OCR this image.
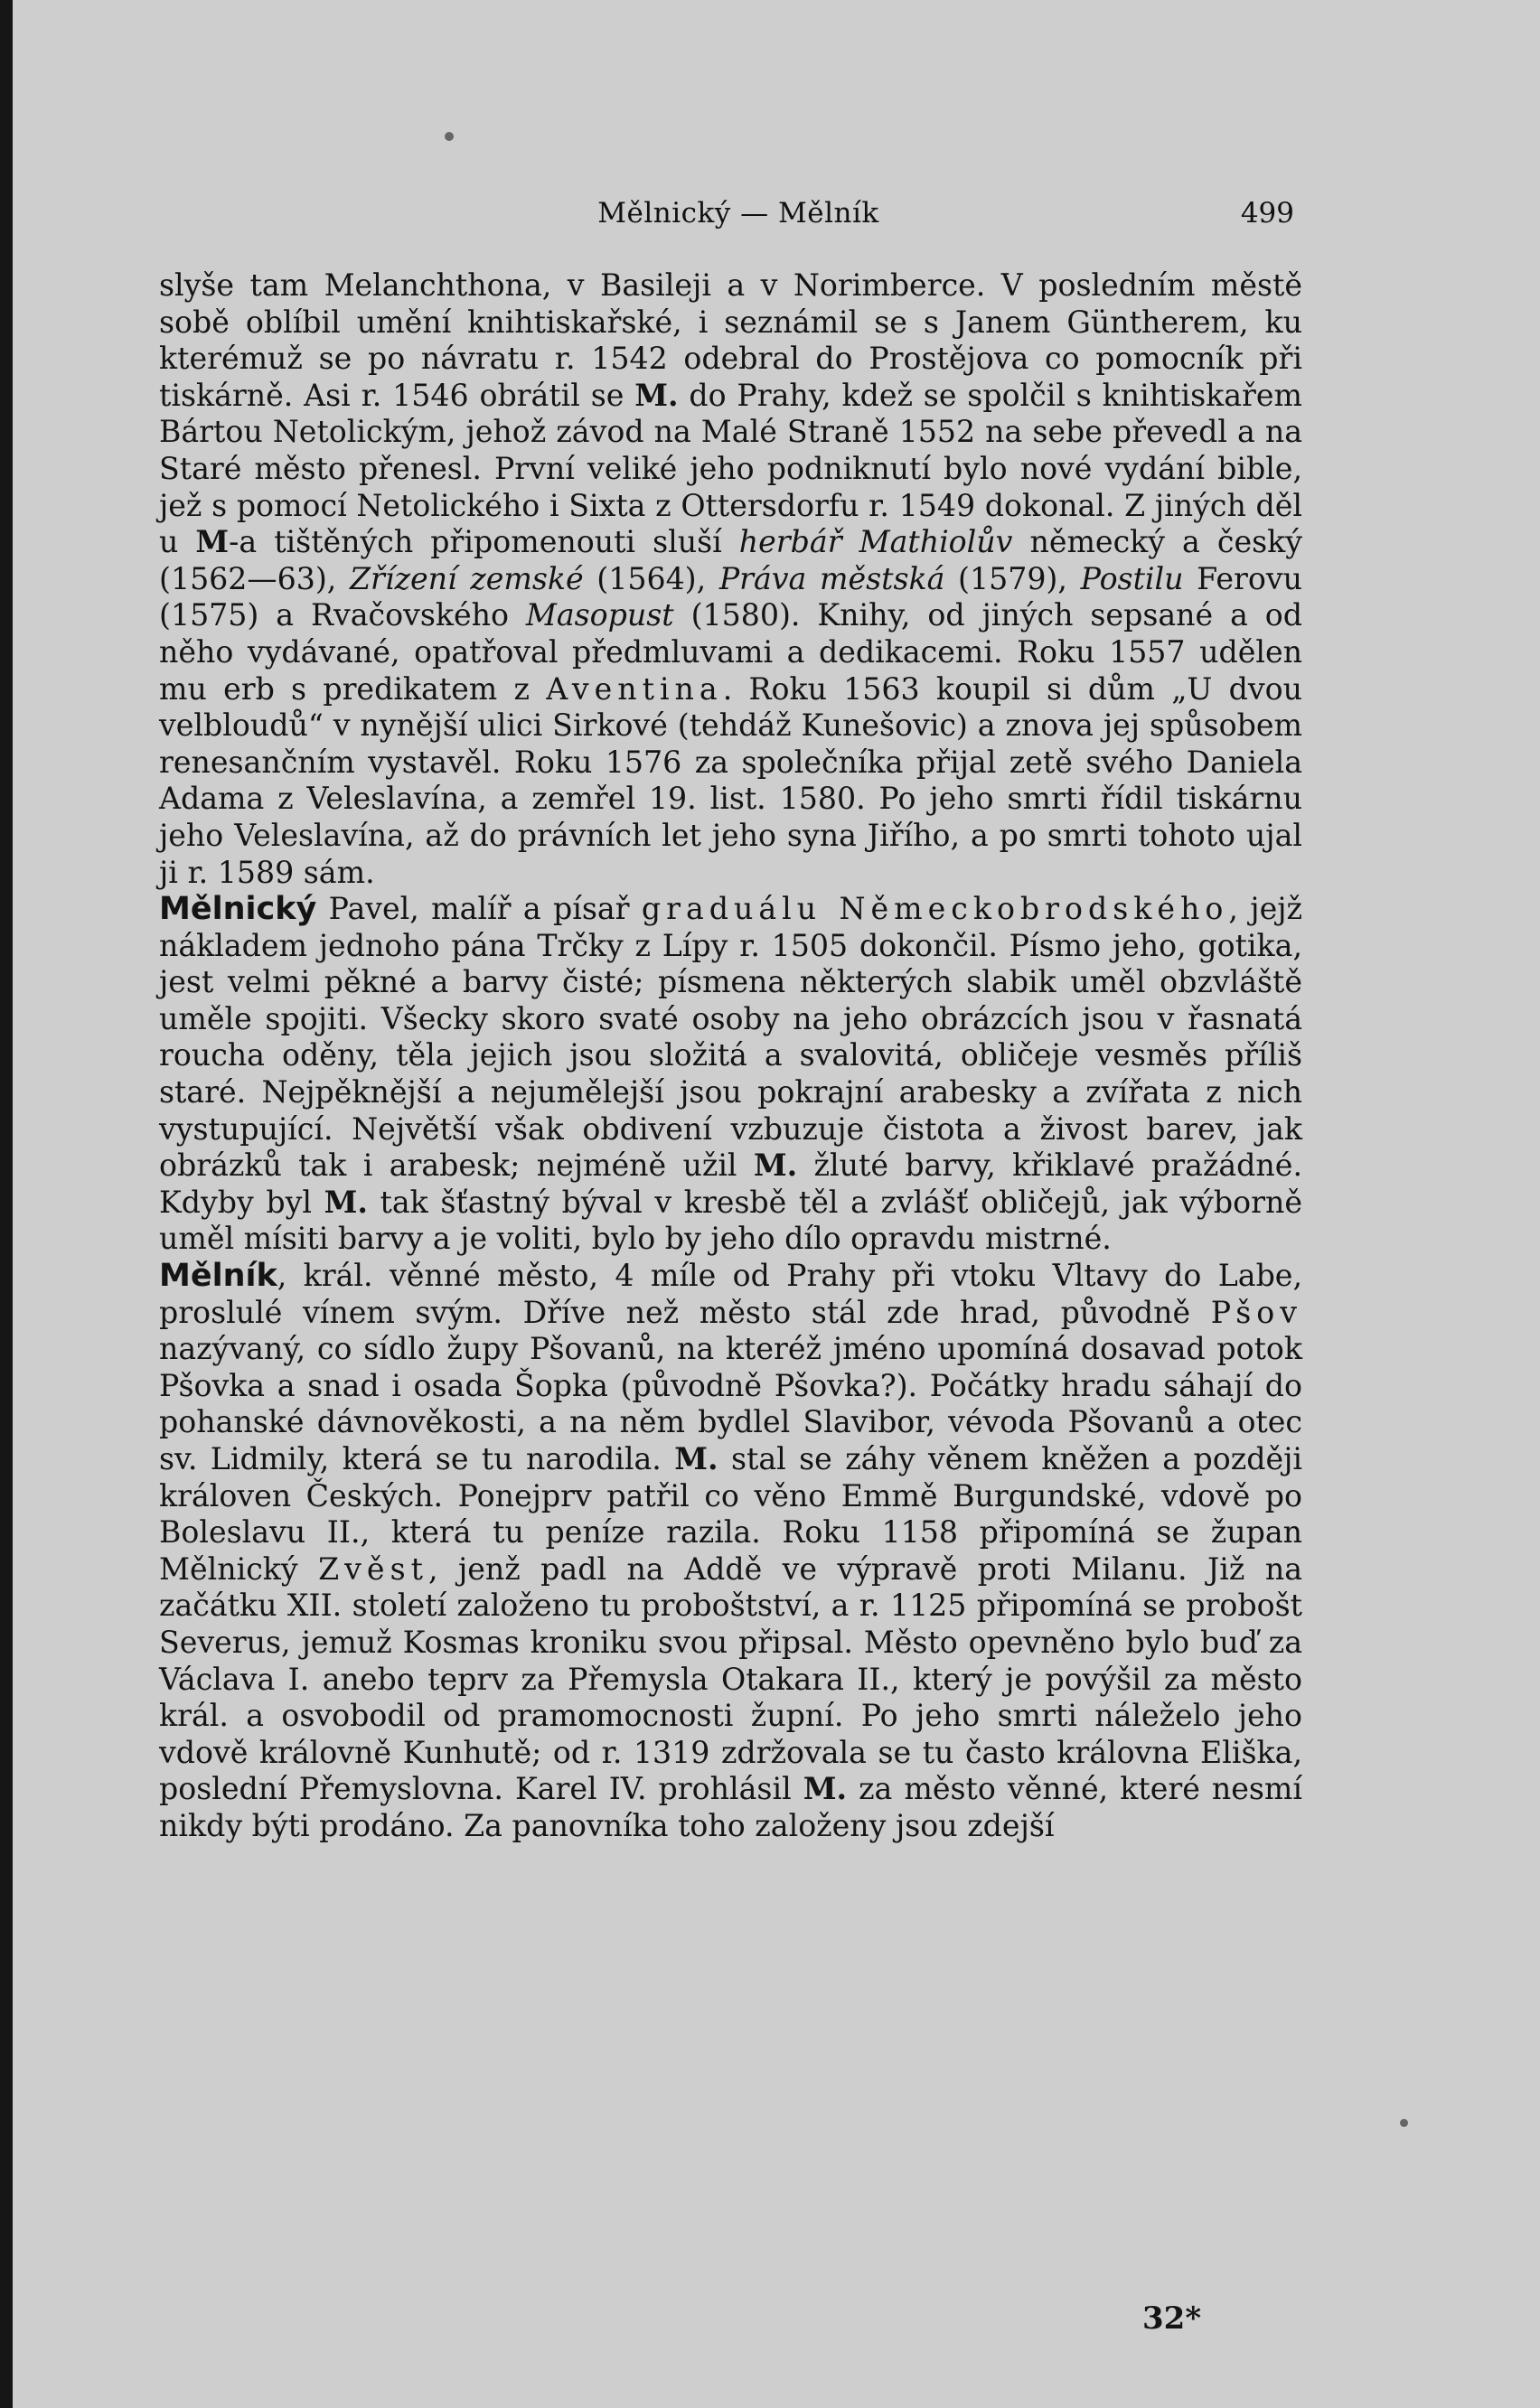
Mělnický — Mělník	499

slyše tam Melanchthona, v Basileji a v Norimberce. V posledním městě sobě oblíbil umění knihtiskařské, i seznámil se s Janem Güntherem, ku kterémuž se po návratu r. 1542 odebral do Prostějova co pomocník při tiskárně. Asi r. 1546 obrátil se M. do Prahy, kdež se spolčil s knihtiskařem Bártou Netolickým, jehož závod na Malé Straně 1552 na sebe převedl a na Staré město přenesl. První veliké jeho podniknutí bylo nové vydání bible, jež s pomocí Netolického i Sixta z Ottersdorfu r. 1549 dokonal. Z jiných děl u M-a tištěných připomenouti sluší herbář Mathiolův německý a český (1562—63), Zřízení zemské (1564), Práva městská (1579), Postilu Ferovu (1575) a Rvačovského Masopust (1580). Knihy, od jiných sepsané a od něho vydávané, opatřoval předmluvami a dedikacemi. Roku 1557 udělen mu erb s predikatem z Aventina. Roku 1563 koupil si dům „U dvou velbloudů“ v nynější ulici Sirkové (tehdáž Kunešovic) a znova jej spůsobem renesančním vystavěl. Roku 1576 za společníka přijal zetě svého Daniela Adama z Veleslavína, a zemřel 19. list. 1580. Po jeho smrti řídil tiskárnu jeho Veleslavína, až do právních let jeho syna Jiřího, a po smrti tohoto ujal ji r. 1589 sám.

Mělnický Pavel, malíř a písař graduálu Německobrodského, jejž nákladem jednoho pána Trčky z Lípy r. 1505 dokončil. Písmo jeho, gotika, jest velmi pěkné a barvy čisté; písmena některých slabik uměl obzvláště uměle spojiti. Všecky skoro svaté osoby na jeho obrázcích jsou v řasnatá roucha oděny, těla jejich jsou složitá a svalovitá, obličeje vesměs příliš staré. Nejpěknější a nejumělejší jsou pokrajní arabesky a zvířata z nich vystupující. Největší však obdivení vzbuzuje čistota a živost barev, jak obrázků tak i arabesk; nejméně užil M. žluté barvy, křiklavé pražádné. Kdyby byl M. tak šťastný býval v kresbě těl a zvlášť obličejů, jak výborně uměl mísiti barvy a je voliti, bylo by jeho dílo opravdu mistrné.

Mělník, král. věnné město, 4 míle od Prahy při vtoku Vltavy do Labe, proslulé vínem svým. Dříve než město stál zde hrad, původně Pšov nazývaný, co sídlo župy Pšovanů, na kteréž jméno upomíná dosavad potok Pšovka a snad i osada Šopka (původně Pšovka?). Počátky hradu sáhají do pohanské dávnověkosti, a na něm bydlel Slavibor, vévoda Pšovanů a otec sv. Lidmily, která se tu narodila. M. stal se záhy věnem kněžen a později královen Českých. Ponejprv patřil co věno Emmě Burgundské, vdově po Boleslavu II., která tu peníze razila. Roku 1158 připomíná se župan Mělnický Zvěst, jenž padl na Addě ve výpravě proti Milanu. Již na začátku XII. století založeno tu proboštství, a r. 1125 připomíná se probošt Severus, jemuž Kosmas kroniku svou připsal. Město opevněno bylo buď za Václava I. anebo teprv za Přemysla Otakara II., který je povýšil za město král. a osvobodil od pramomocnosti župní. Po jeho smrti náleželo jeho vdově královně Kunhutě; od r. 1319 zdržovala se tu často královna Eliška, poslední Přemyslovna. Karel IV. prohlásil M. za město věnné, které nesmí nikdy býti prodáno. Za panovníka toho založeny jsou zdejší

32*
